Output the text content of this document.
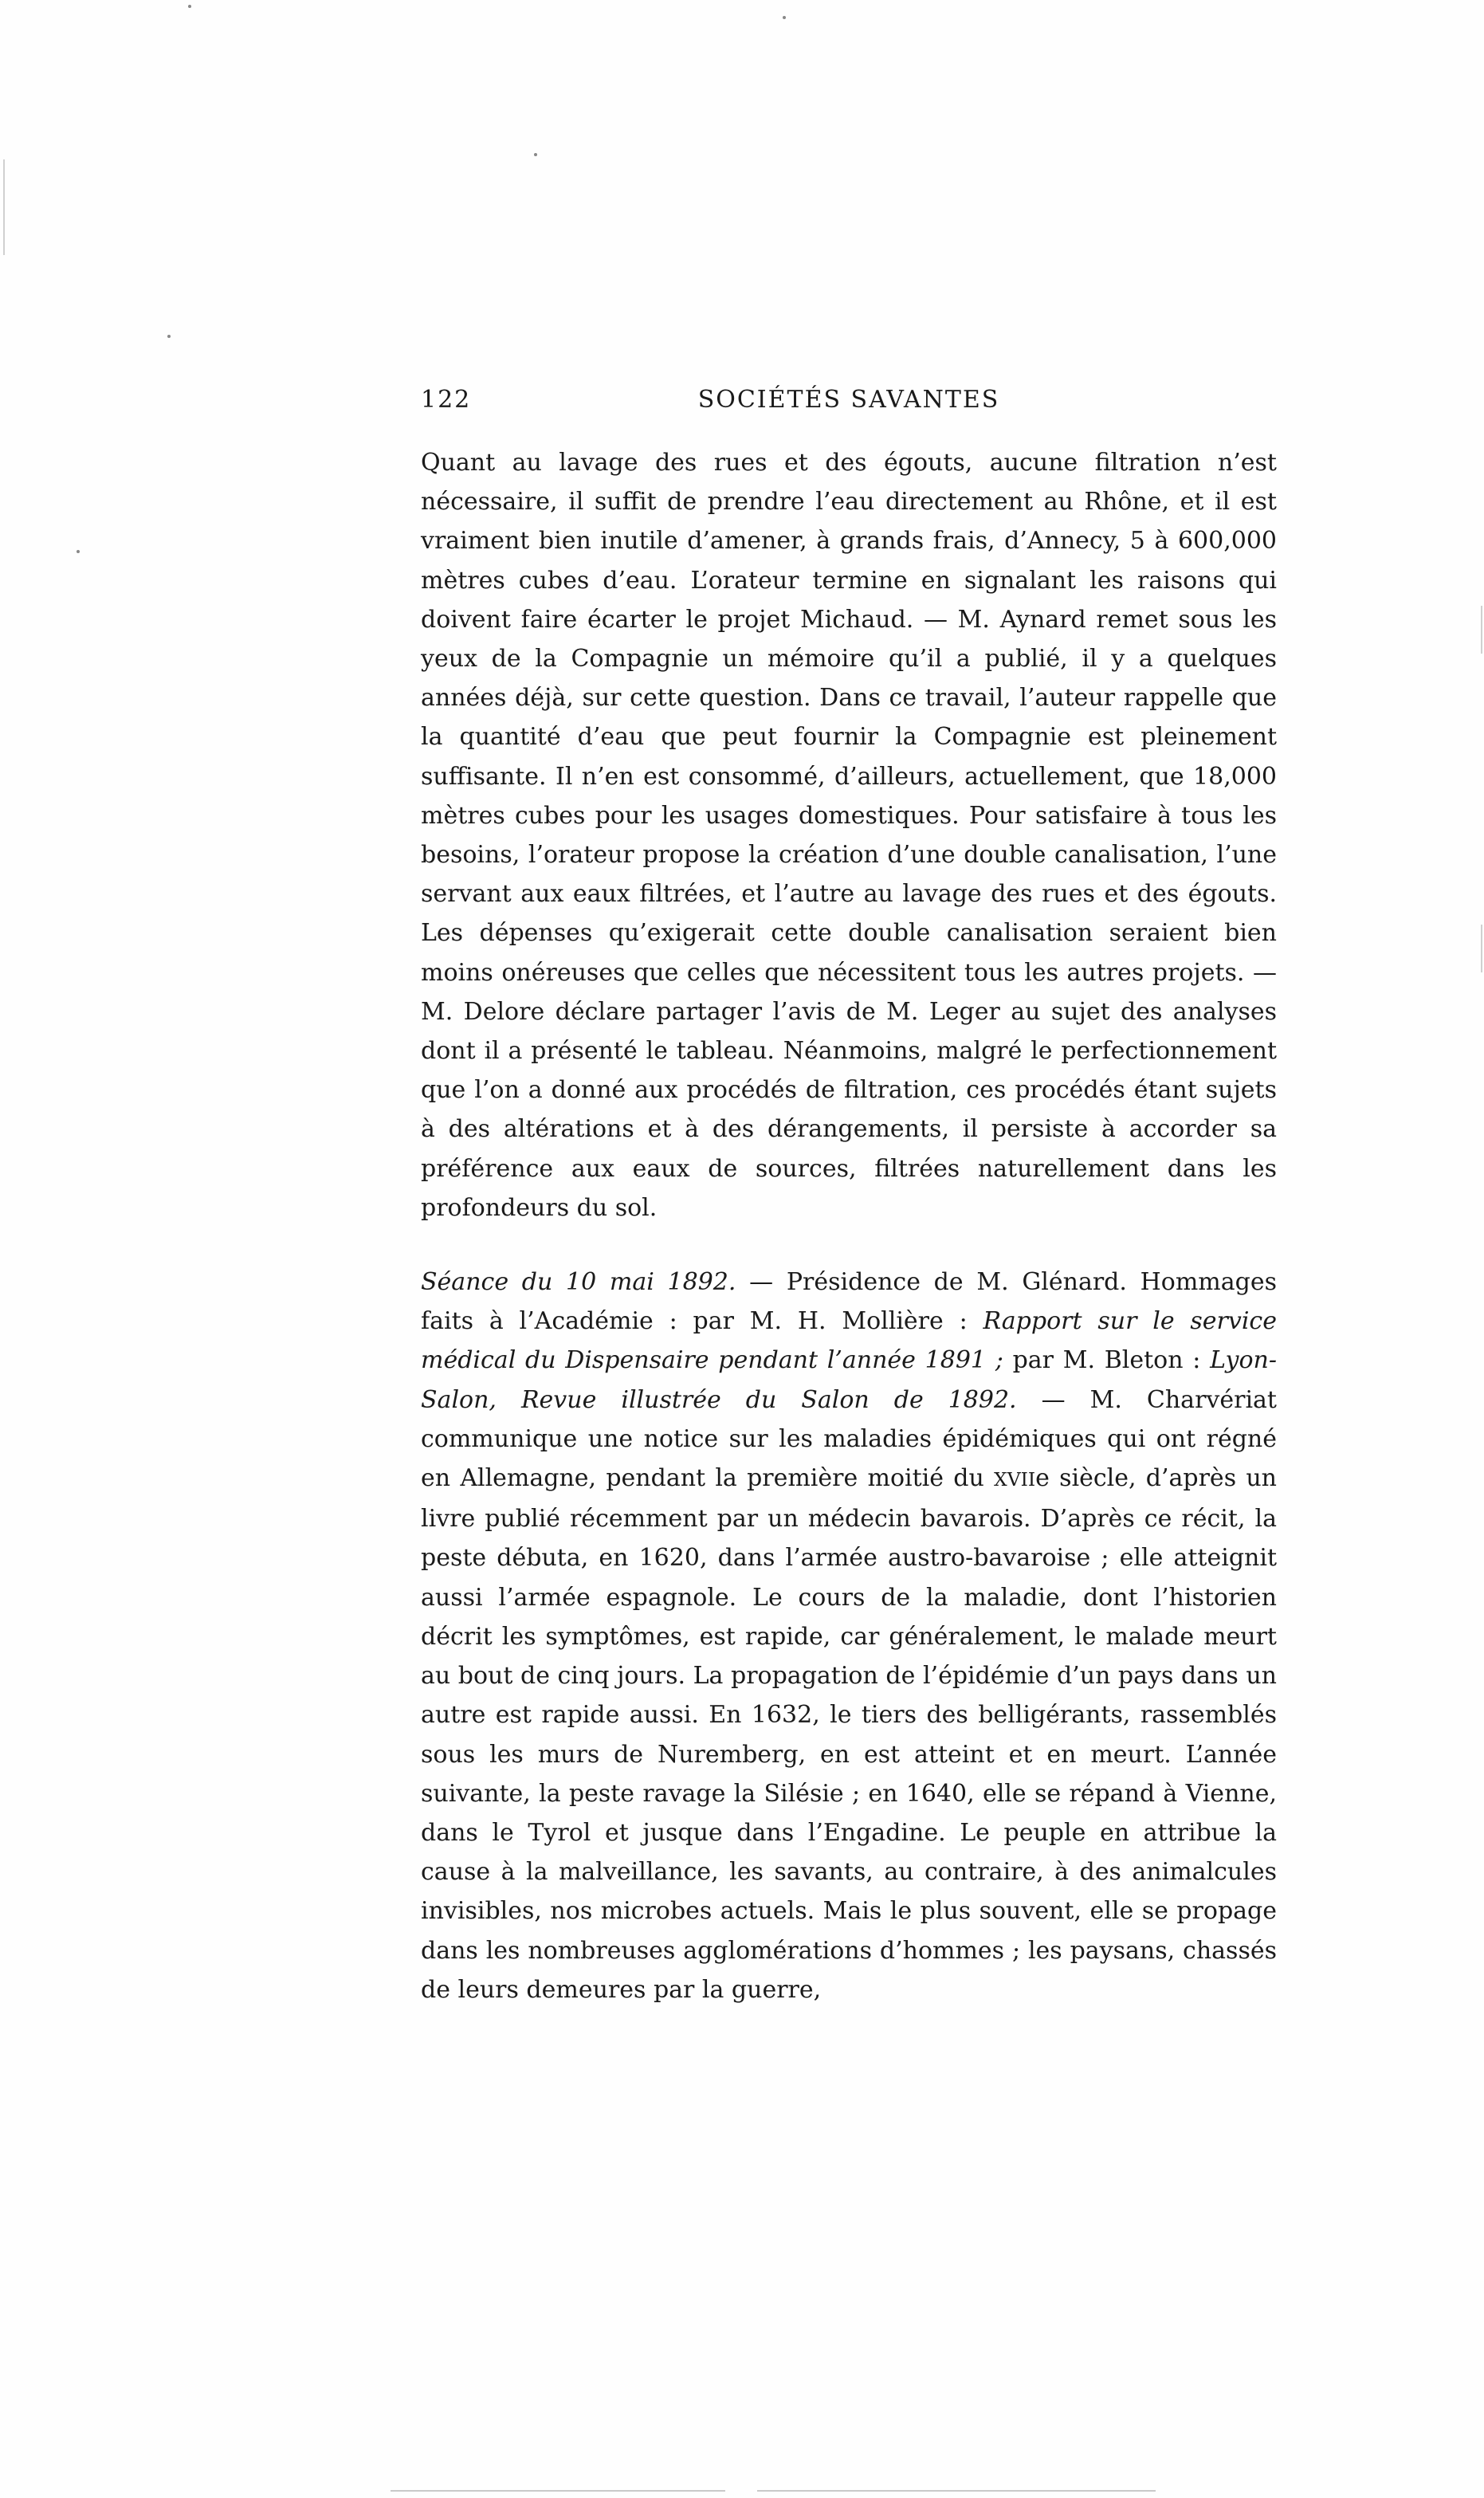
122	SOCIÉTÉS SAVANTES

Quant au lavage des rues et des égouts, aucune filtration n’est nécessaire, il suffit de prendre l’eau directement au Rhône, et il est vraiment bien inutile d’amener, à grands frais, d’Annecy, 5 à 600,000 mètres cubes d’eau. L’orateur termine en signalant les raisons qui doivent faire écarter le projet Michaud. — M. Aynard remet sous les yeux de la Compagnie un mémoire qu’il a publié, il y a quelques années déjà, sur cette question. Dans ce travail, l’auteur rappelle que la quantité d’eau que peut fournir la Compagnie est pleinement suffisante. Il n’en est consommé, d’ailleurs, actuellement, que 18,000 mètres cubes pour les usages domestiques. Pour satisfaire à tous les besoins, l’orateur propose la création d’une double canalisation, l’une servant aux eaux filtrées, et l’autre au lavage des rues et des égouts. Les dépenses qu’exigerait cette double canalisation seraient bien moins onéreuses que celles que nécessitent tous les autres projets. — M. Delore déclare partager l’avis de M. Leger au sujet des analyses dont il a présenté le tableau. Néanmoins, malgré le perfectionnement que l’on a donné aux procédés de filtration, ces procédés étant sujets à des altérations et à des dérangements, il persiste à accorder sa préférence aux eaux de sources, filtrées naturellement dans les profondeurs du sol.

Séance du 10 mai 1892. — Présidence de M. Glénard. Hommages faits à l’Académie : par M. H. Mollière : Rapport sur le service médical du Dispensaire pendant l’année 1891 ; par M. Bleton : Lyon-Salon, Revue illustrée du Salon de 1892. — M. Charvériat communique une notice sur les maladies épidémiques qui ont régné en Allemagne, pendant la première moitié du XVIIe siècle, d’après un livre publié récemment par un médecin bavarois. D’après ce récit, la peste débuta, en 1620, dans l’armée austro-bavaroise ; elle atteignit aussi l’armée espagnole. Le cours de la maladie, dont l’historien décrit les symptômes, est rapide, car généralement, le malade meurt au bout de cinq jours. La propagation de l’épidémie d’un pays dans un autre est rapide aussi. En 1632, le tiers des belligérants, rassemblés sous les murs de Nuremberg, en est atteint et en meurt. L’année suivante, la peste ravage la Silésie ; en 1640, elle se répand à Vienne, dans le Tyrol et jusque dans l’Engadine. Le peuple en attribue la cause à la malveillance, les savants, au contraire, à des animalcules invisibles, nos microbes actuels. Mais le plus souvent, elle se propage dans les nombreuses agglomérations d’hommes ; les paysans, chassés de leurs demeures par la guerre,
